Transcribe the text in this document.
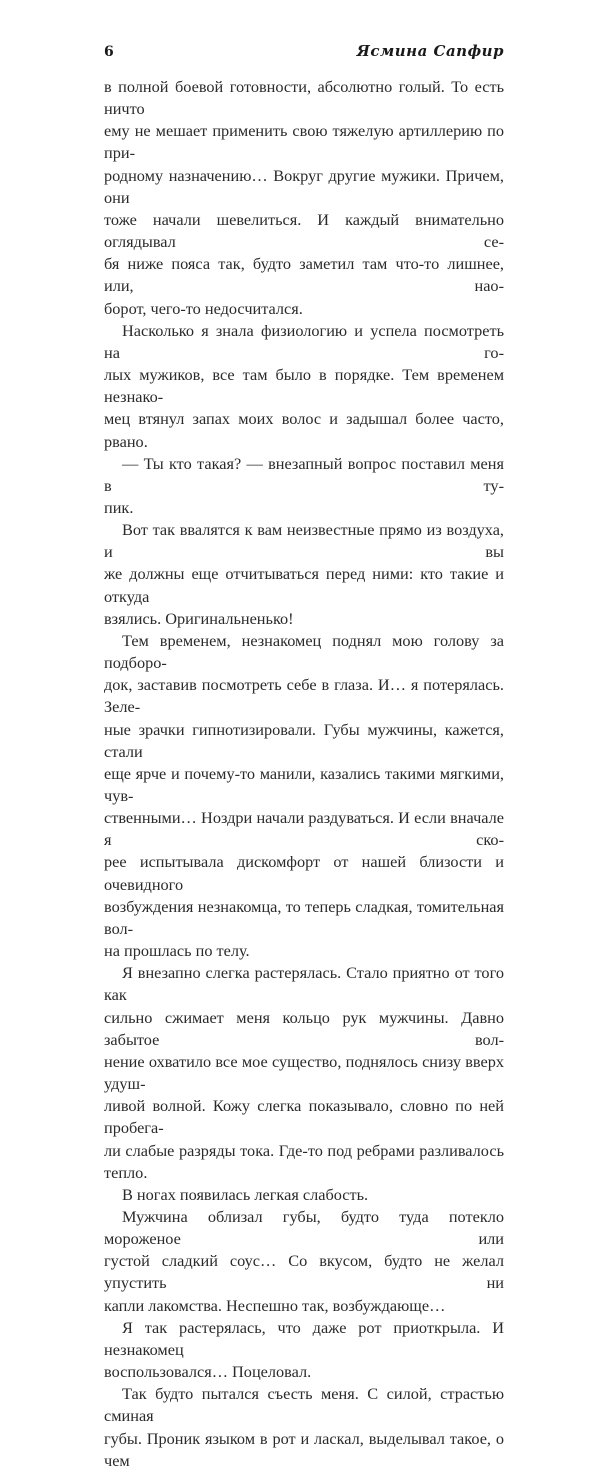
6	Ясмина Сапфир

в полной боевой готовности, абсолютно голый. То есть ничто

ему не мешает применить свою тяжелую артиллерию по при-

родному назначению… Вокруг другие мужики. Причем, они

тоже начали шевелиться. И каждый внимательно оглядывал се-

бя ниже пояса так, будто заметил там что-то лишнее, или, нао-

борот, чего-то недосчитался.

Насколько я знала физиологию и успела посмотреть на го-

лых мужиков, все там было в порядке. Тем временем незнако-

мец втянул запах моих волос и задышал более часто, рвано.

— Ты кто такая? — внезапный вопрос поставил меня в ту-

пик.

Вот так ввалятся к вам неизвестные прямо из воздуха, и вы

же должны еще отчитываться перед ними: кто такие и откуда

взялись. Оригинальненько!

Тем временем, незнакомец поднял мою голову за подборо-

док, заставив посмотреть себе в глаза. И… я потерялась. Зеле-

ные зрачки гипнотизировали. Губы мужчины, кажется, стали

еще ярче и почему-то манили, казались такими мягкими, чув-

ственными… Ноздри начали раздуваться. И если вначале я ско-

рее испытывала дискомфорт от нашей близости и очевидного

возбуждения незнакомца, то теперь сладкая, томительная вол-

на прошлась по телу.

Я внезапно слегка растерялась. Стало приятно от того как

сильно сжимает меня кольцо рук мужчины. Давно забытое вол-

нение охватило все мое существо, поднялось снизу вверх удуш-

ливой волной. Кожу слегка показывало, словно по ней пробега-

ли слабые разряды тока. Где-то под ребрами разливалось тепло.

В ногах появилась легкая слабость.

Мужчина облизал губы, будто туда потекло мороженое или

густой сладкий соус… Со вкусом, будто не желал упустить ни

капли лакомства. Неспешно так, возбуждающе…

Я так растерялась, что даже рот приоткрыла. И незнакомец

воспользовался… Поцеловал.

Так будто пытался съесть меня. С силой, страстью сминая

губы. Проник языком в рот и ласкал, выделывал такое, о чем
